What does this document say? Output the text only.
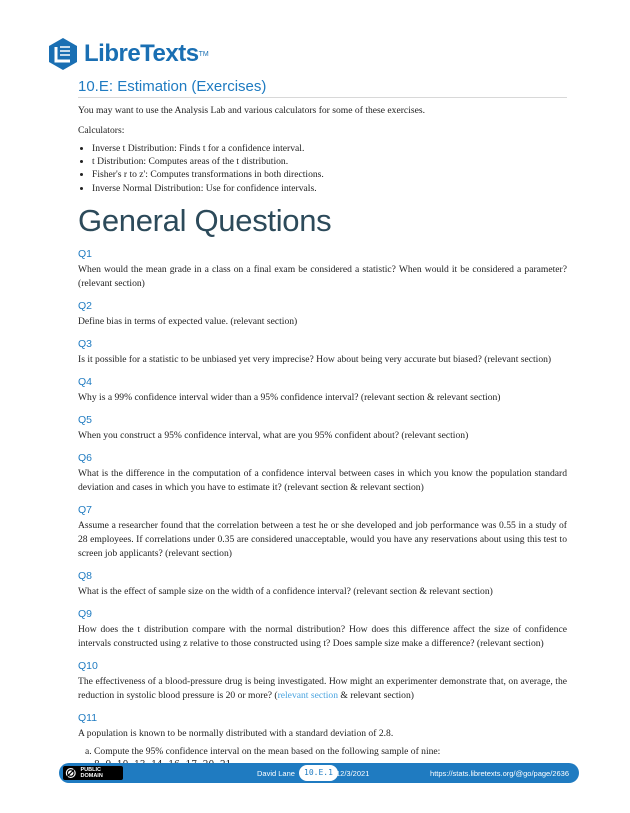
LibreTexts TM
10.E: Estimation (Exercises)

You may want to use the Analysis Lab and various calculators for some of these exercises.

Calculators:

• Inverse t Distribution: Finds t for a confidence interval.
• t Distribution: Computes areas of the t distribution.
• Fisher's r to z': Computes transformations in both directions.
• Inverse Normal Distribution: Use for confidence intervals.
General Questions
Q1

When would the mean grade in a class on a final exam be considered a statistic? When would it be considered a parameter? (relevant section)

Q2

Define bias in terms of expected value. (relevant section)

Q3

Is it possible for a statistic to be unbiased yet very imprecise? How about being very accurate but biased? (relevant section)

Q4

Why is a 99% confidence interval wider than a 95% confidence interval? (relevant section & relevant section)

Q5

When you construct a 95% confidence interval, what are you 95% confident about? (relevant section)

Q6

What is the difference in the computation of a confidence interval between cases in which you know the population standard deviation and cases in which you have to estimate it? (relevant section & relevant section)

Q7

Assume a researcher found that the correlation between a test he or she developed and job performance was 0.55 in a study of 28 employees. If correlations under 0.35 are considered unacceptable, would you have any reservations about using this test to screen job applicants? (relevant section)

Q8

What is the effect of sample size on the width of a confidence interval? (relevant section & relevant section)

Q9

How does the t distribution compare with the normal distribution? How does this difference affect the size of confidence intervals constructed using z relative to those constructed using t? Does sample size make a difference? (relevant section)

Q10

The effectiveness of a blood-pressure drug is being investigated. How might an experimenter demonstrate that, on average, the reduction in systolic blood pressure is 20 or more? (relevant section & relevant section)

Q11

A population is known to be normally distributed with a standard deviation of 2.8.

a. Compute the 95% confidence interval on the mean based on the following sample of nine:

PUBLIC DOMAIN	David Lane	10.E.1 12/3/2021	https://stats.libretexts.org/@go/page/2636
